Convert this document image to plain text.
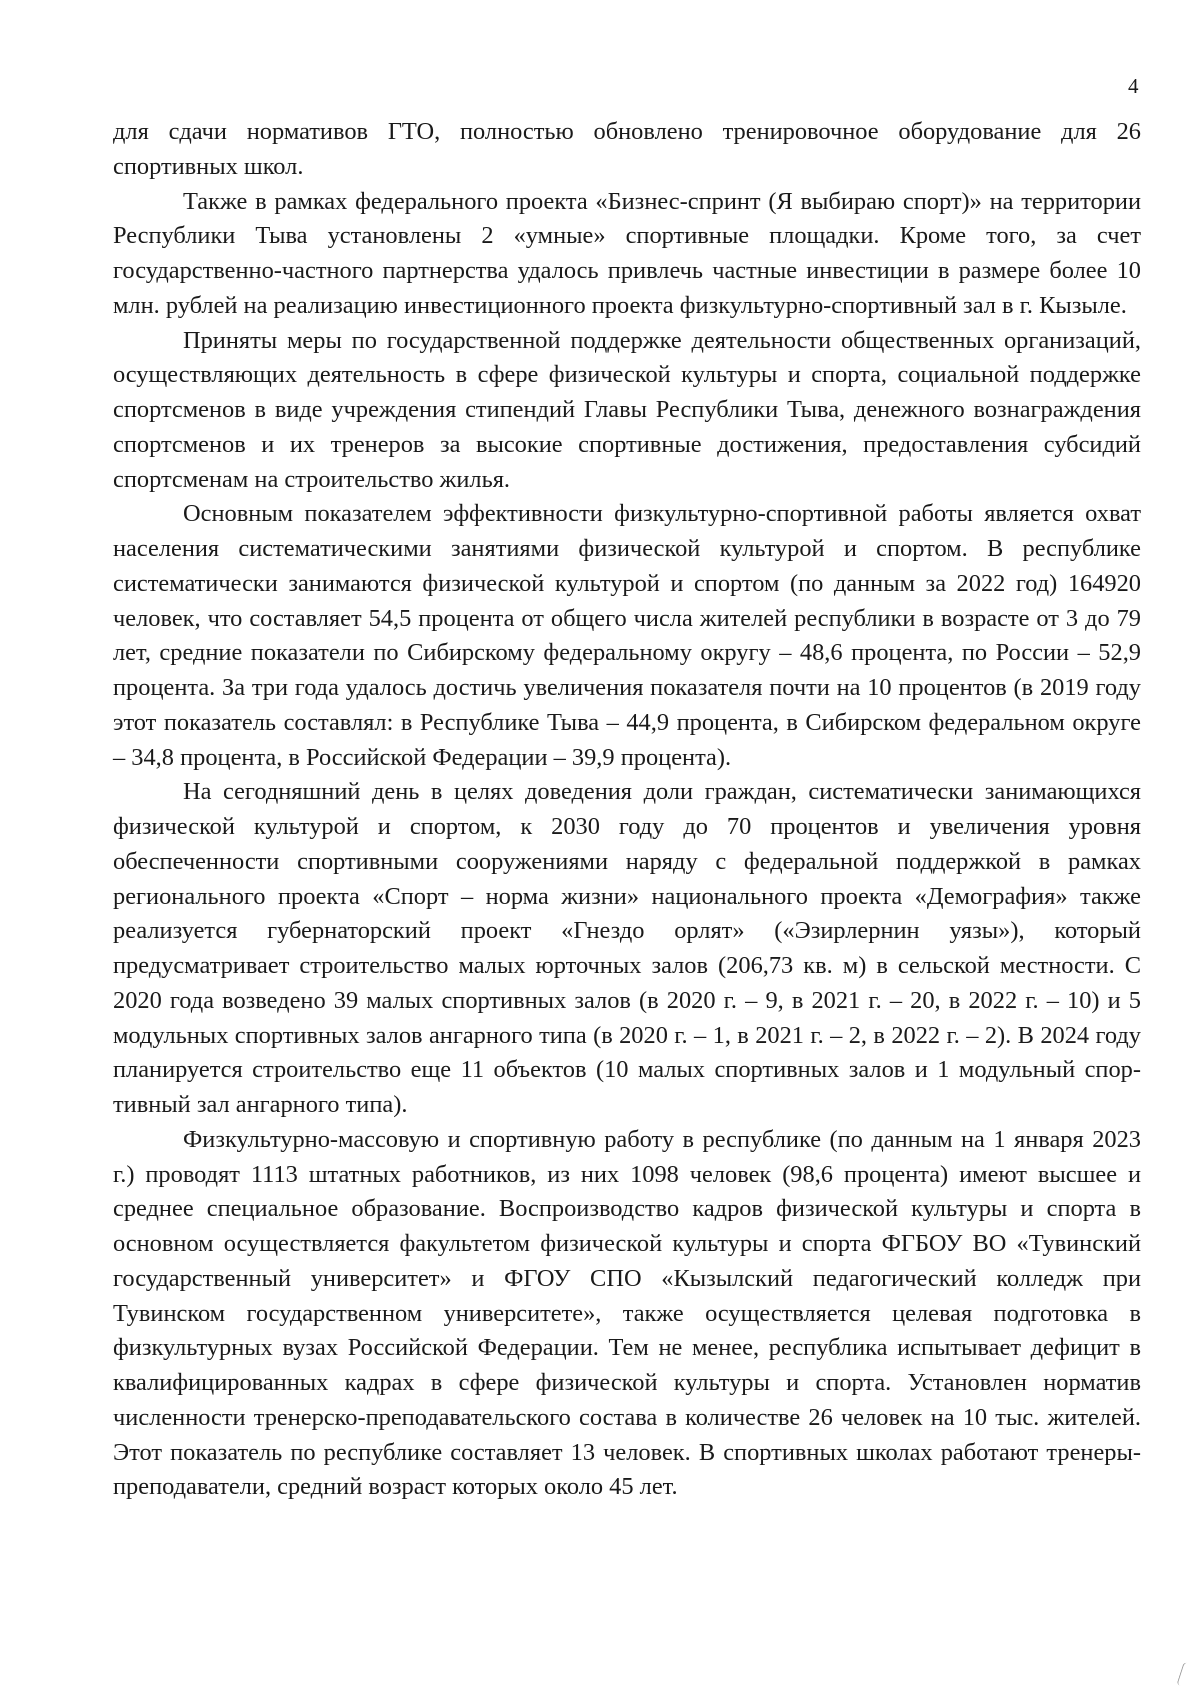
4

для сдачи нормативов ГТО, полностью обновлено тренировочное оборудование для 26 спортивных школ.

Также в рамках федерального проекта «Бизнес-спринт (Я выбираю спорт)» на территории Республики Тыва установлены 2 «умные» спортивные площадки. Кроме того, за счет государственно-частного партнерства удалось привлечь частные инвестиции в размере более 10 млн. рублей на реализацию инвестиционного проекта физкультурно-спортивный зал в г. Кызыле.

Приняты меры по государственной поддержке деятельности общественных организаций, осуществляющих деятельность в сфере физической культуры и спорта, социальной поддержке спортсменов в виде учреждения стипендий Главы Республики Тыва, денежного вознаграждения спортсменов и их тренеров за высокие спортивные достижения, предоставления субсидий спортсменам на строительство жилья.

Основным показателем эффективности физкультурно-спортивной работы является охват населения систематическими занятиями физической культурой и спортом. В республике систематически занимаются физической культурой и спортом (по данным за 2022 год) 164920 человек, что составляет 54,5 процента от общего числа жителей республики в возрасте от 3 до 79 лет, средние показатели по Сибирскому федеральному округу – 48,6 процента, по России – 52,9 процента. За три года удалось достичь увеличения показателя почти на 10 процентов (в 2019 году этот показатель составлял: в Республике Тыва – 44,9 процента, в Сибирском федеральном округе – 34,8 процента, в Российской Федерации – 39,9 процента).

На сегодняшний день в целях доведения доли граждан, систематически занимающихся физической культурой и спортом, к 2030 году до 70 процентов и увеличения уровня обеспеченности спортивными сооружениями наряду с федеральной поддержкой в рамках регионального проекта «Спорт – норма жизни» национального проекта «Демография» также реализуется губернаторский проект «Гнездо орлят» («Эзирлернин уязы»), который предусматривает строительство малых юрточных залов (206,73 кв. м) в сельской местности. С 2020 года возведено 39 малых спортивных залов (в 2020 г. – 9, в 2021 г. – 20, в 2022 г. – 10) и 5 модульных спортивных залов ангарного типа (в 2020 г. – 1, в 2021 г. – 2, в 2022 г. – 2). В 2024 году планируется строительство еще 11 объектов (10 малых спортивных залов и 1 модульный спортивный зал ангарного типа).

Физкультурно-массовую и спортивную работу в республике (по данным на 1 января 2023 г.) проводят 1113 штатных работников, из них 1098 человек (98,6 процента) имеют высшее и среднее специальное образование. Воспроизводство кадров физической культуры и спорта в основном осуществляется факультетом физической культуры и спорта ФГБОУ ВО «Тувинский государственный университет» и ФГОУ СПО «Кызылский педагогический колледж при Тувинском государственном университете», также осуществляется целевая подготовка в физкультурных вузах Российской Федерации. Тем не менее, республика испытывает дефицит в квалифицированных кадрах в сфере физической культуры и спорта. Установлен норматив численности тренерско-преподавательского состава в количестве 26 человек на 10 тыс. жителей. Этот показатель по республике составляет 13 человек. В спортивных школах работают тренеры-преподаватели, средний возраст которых около 45 лет.
